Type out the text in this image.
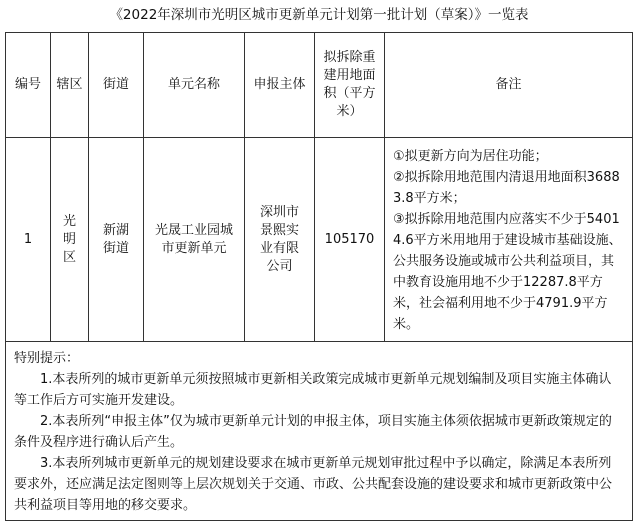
《2022年深圳市光明区城市更新单元计划第一批计划（草案）》一览表
编号	辖区	街道	单元名称	申报主体	拟拆除重建用地面积（平方米）	备注
1	光明区	新湖街道	光晟工业园城市更新单元	深圳市景熙实业有限公司	105170	①拟更新方向为居住功能；
②拟拆除用地范围内清退用地面积36883.8平方米；
③拟拆除用地范围内应落实不少于54014.6平方米用地用于建设城市基础设施、公共服务设施或城市公共利益项目，其中教育设施用地不少于12287.8平方米，社会福利用地不少于4791.9平方米。

特别提示：
1.本表所列的城市更新单元须按照城市更新相关政策完成城市更新单元规划编制及项目实施主体确认等工作后方可实施开发建设。
2.本表所列“申报主体”仅为城市更新单元计划的申报主体，项目实施主体须依据城市更新政策规定的条件及程序进行确认后产生。
3.本表所列城市更新单元的规划建设要求在城市更新单元规划审批过程中予以确定，除满足本表所列要求外，还应满足法定图则等上层次规划关于交通、市政、公共配套设施的建设要求和城市更新政策中公共利益项目等用地的移交要求。						
